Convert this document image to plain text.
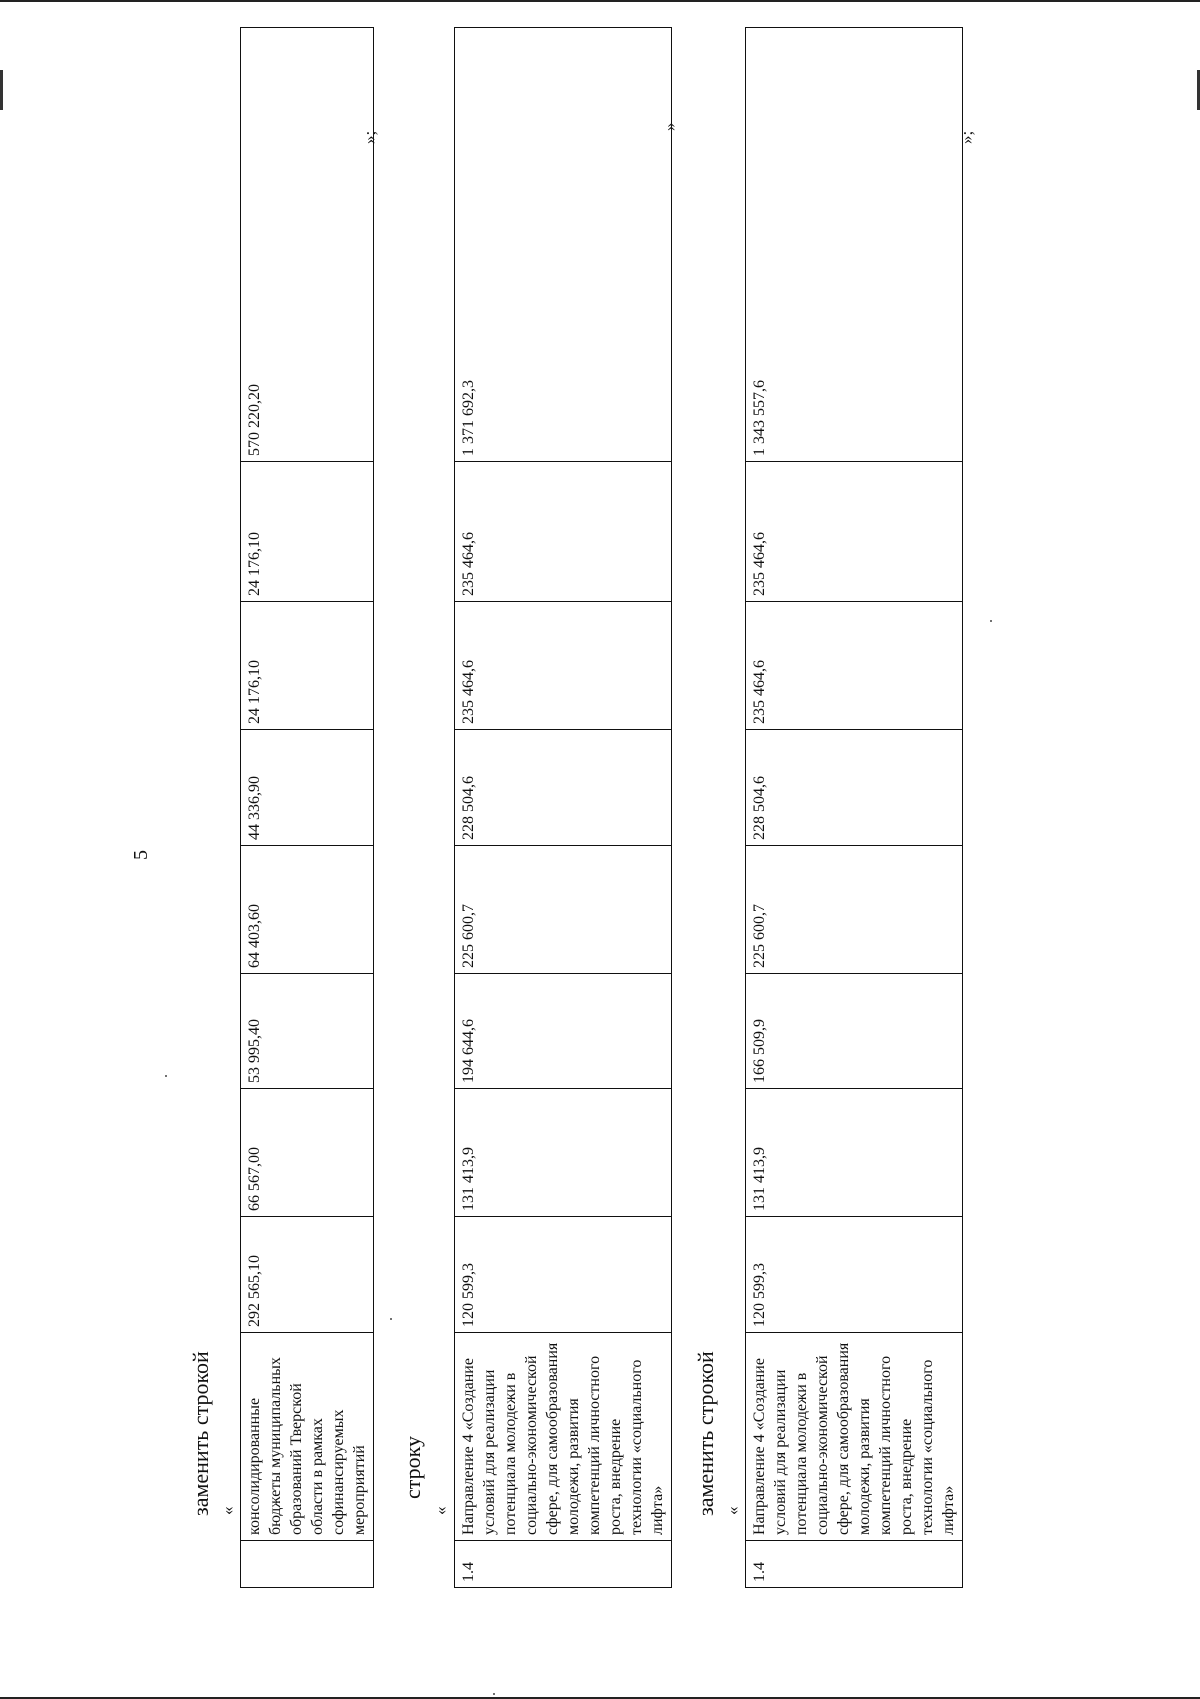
5
заменить строкой «
	консолидированные бюджеты муниципальных образований Тверской области в рамках софинансируемых мероприятий	292 565,10	66 567,00	53 995,40	64 403,60	44 336,90	24 176,10	24 176,10	570 220,20
»;
строку
«
1.4	Направление 4 «Создание условий для реализации потенциала молодежи в социально-экономической сфере, для самообразования молодежи, развития компетенций личностного роста, внедрение технологии «социального лифта»	120 599,3	131 413,9	194 644,6	225 600,7	228 504,6	235 464,6	235 464,6	1 371 692,3
»
заменить строкой «
1.4	Направление 4 «Создание условий для реализации потенциала молодежи в социально-экономической сфере, для самообразования молодежи, развития компетенций личностного роста, внедрение технологии «социального лифта»	120 599,3	131 413,9	166 509,9	225 600,7	228 504,6	235 464,6	235 464,6	1 343 557,6
»;
